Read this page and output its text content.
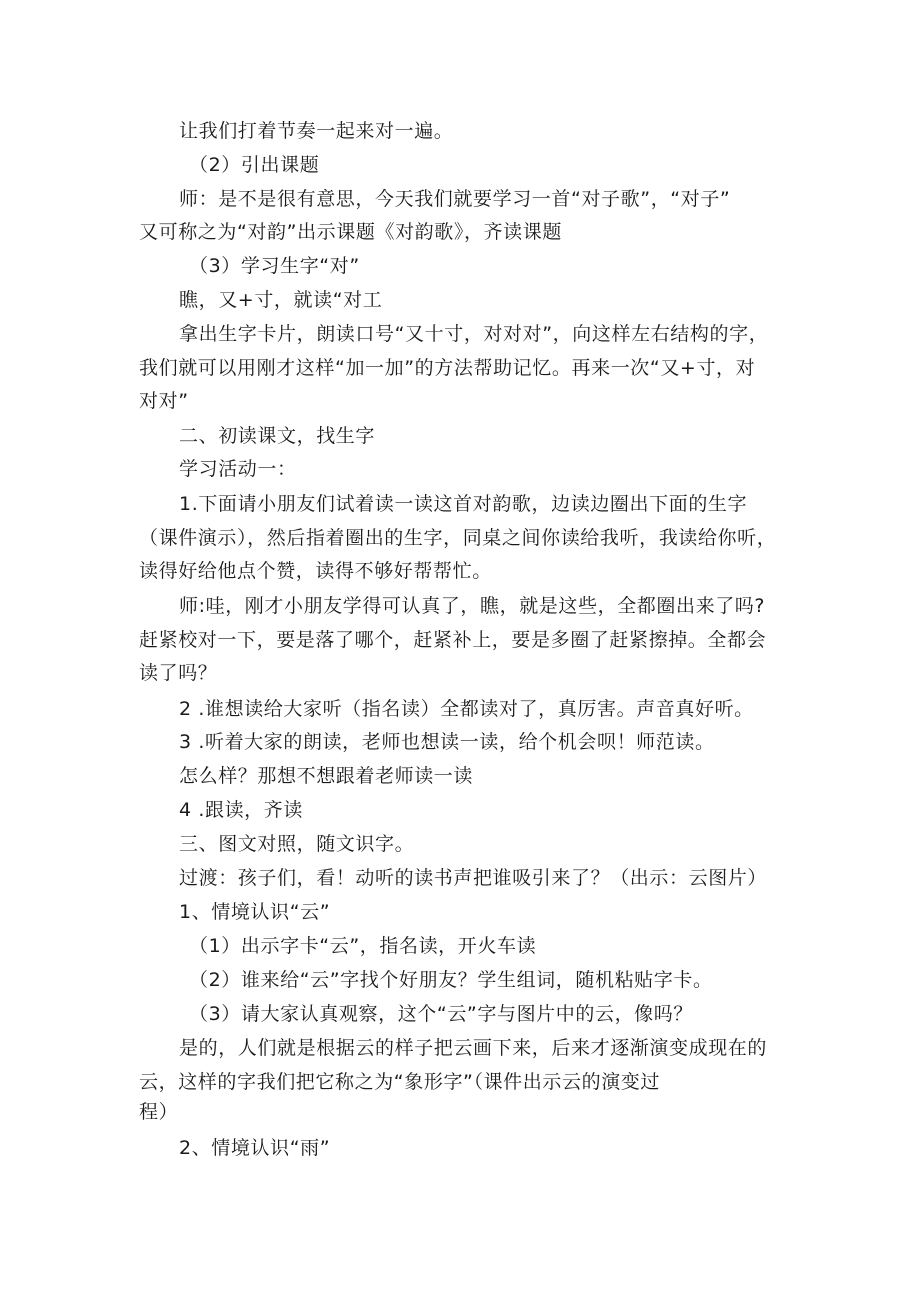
让我们打着节奏一起来对一遍。
（2）引出课题
师：是不是很有意思，今天我们就要学习一首“对子歌”，“对子”
又可称之为“对韵”出示课题《对韵歌》，齐读课题
（3）学习生字“对”
瞧，又+寸，就读“对工
拿出生字卡片，朗读口号“又十寸，对对对”，向这样左右结构的字，
我们就可以用刚才这样“加一加”的方法帮助记忆。再来一次“又+寸，对
对对”
二、初读课文，找生字
学习活动一：
1.下面请小朋友们试着读一读这首对韵歌，边读边圈出下面的生字
（课件演示），然后指着圈出的生字，同桌之间你读给我听，我读给你听，
读得好给他点个赞，读得不够好帮帮忙。
师:哇，刚才小朋友学得可认真了，瞧，就是这些，全都圈出来了吗?
赶紧校对一下，要是落了哪个，赶紧补上，要是多圈了赶紧擦掉。全都会
读了吗？
2 .谁想读给大家听（指名读）全都读对了，真厉害。声音真好听。
3 .听着大家的朗读，老师也想读一读，给个机会呗！师范读。
怎么样？那想不想跟着老师读一读
4 .跟读，齐读
三、图文对照，随文识字。
过渡：孩子们，看！动听的读书声把谁吸引来了？（出示：云图片）
1、情境认识“云”
（1）出示字卡“云”，指名读，开火车读
（2）谁来给“云”字找个好朋友？学生组词，随机粘贴字卡。
（3）请大家认真观察，这个“云”字与图片中的云，像吗？
是的，人们就是根据云的样子把云画下来，后来才逐渐演变成现在的
云，这样的字我们把它称之为“象形字”（课件出示云的演变过
程）
2、情境认识“雨”
